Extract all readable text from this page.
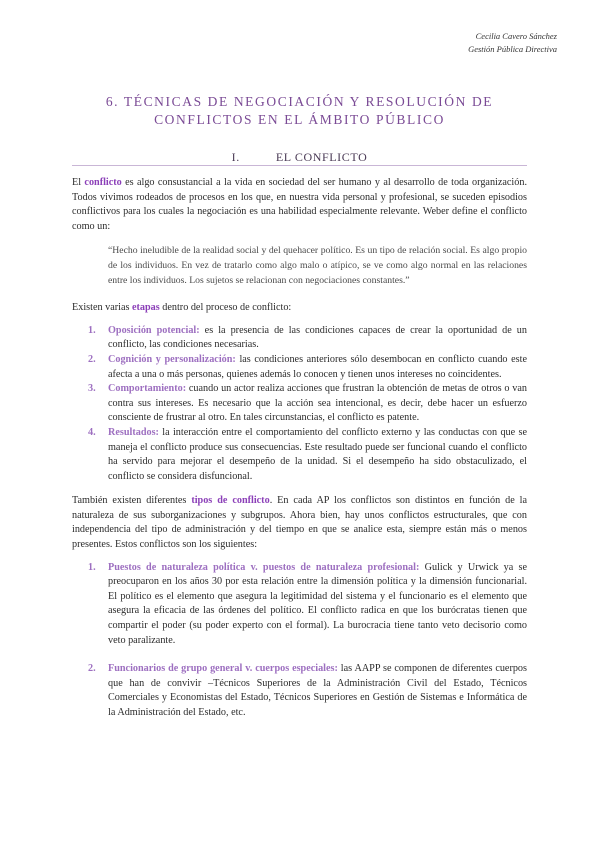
Cecilia Cavero Sánchez
Gestión Pública Directiva
6. TÉCNICAS DE NEGOCIACIÓN Y RESOLUCIÓN DE
CONFLICTOS EN EL ÁMBITO PÚBLICO
I.	EL CONFLICTO

El conflicto es algo consustancial a la vida en sociedad del ser humano y al desarrollo de toda organización. Todos vivimos rodeados de procesos en los que, en nuestra vida personal y profesional, se suceden episodios conflictivos para los cuales la negociación es una habilidad especialmente relevante. Weber define el conflicto como un:

“Hecho ineludible de la realidad social y del quehacer político. Es un tipo de relación social. Es algo propio de los individuos. En vez de tratarlo como algo malo o atípico, se ve como algo normal en las relaciones entre los individuos. Los sujetos se relacionan con negociaciones constantes.”

Existen varias etapas dentro del proceso de conflicto:

1. Oposición potencial: es la presencia de las condiciones capaces de crear la oportunidad de un conflicto, las condiciones necesarias.
2. Cognición y personalización: las condiciones anteriores sólo desembocan en conflicto cuando este afecta a una o más personas, quienes además lo conocen y tienen unos intereses no coincidentes.
3. Comportamiento: cuando un actor realiza acciones que frustran la obtención de metas de otros o van contra sus intereses. Es necesario que la acción sea intencional, es decir, debe hacer un esfuerzo consciente de frustrar al otro. En tales circunstancias, el conflicto es patente.
4. Resultados: la interacción entre el comportamiento del conflicto externo y las conductas con que se maneja el conflicto produce sus consecuencias. Este resultado puede ser funcional cuando el conflicto ha servido para mejorar el desempeño de la unidad. Si el desempeño ha sido obstaculizado, el conflicto se considera disfuncional.

También existen diferentes tipos de conflicto. En cada AP los conflictos son distintos en función de la naturaleza de sus suborganizaciones y subgrupos. Ahora bien, hay unos conflictos estructurales, que con independencia del tipo de administración y del tiempo en que se analice esta, siempre están más o menos presentes. Estos conflictos son los siguientes:

1. Puestos de naturaleza política v. puestos de naturaleza profesional: Gulick y Urwick ya se preocuparon en los años 30 por esta relación entre la dimensión política y la dimensión funcionarial. El político es el elemento que asegura la legitimidad del sistema y el funcionario es el elemento que asegura la eficacia de las órdenes del político. El conflicto radica en que los burócratas tienen que compartir el poder (su poder experto con el formal). La burocracia tiene tanto veto decisorio como veto paralizante.
2. Funcionarios de grupo general v. cuerpos especiales: las AAPP se componen de diferentes cuerpos que han de convivir –Técnicos Superiores de la Administración Civil del Estado, Técnicos Comerciales y Economistas del Estado, Técnicos Superiores en Gestión de Sistemas e Informática de la Administración del Estado, etc.
